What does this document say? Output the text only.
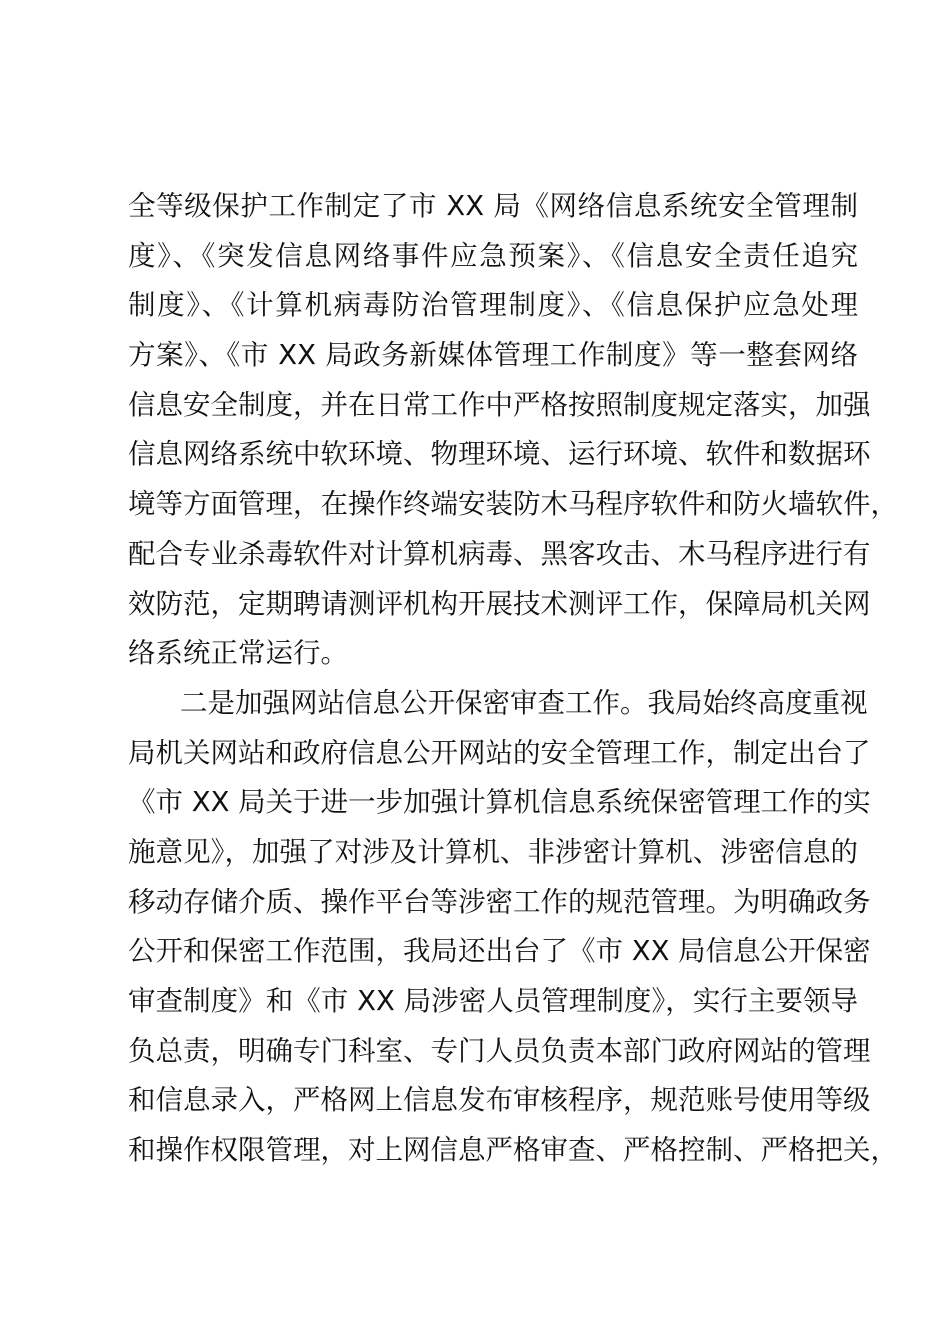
全等级保护工作制定了市 XX 局《网络信息系统安全管理制
度》、《突发信息网络事件应急预案》、《信息安全责任追究
制度》、《计算机病毒防治管理制度》、《信息保护应急处理
方案》、《市 XX 局政务新媒体管理工作制度》等一整套网络
信息安全制度，并在日常工作中严格按照制度规定落实，加强
信息网络系统中软环境、物理环境、运行环境、软件和数据环
境等方面管理，在操作终端安装防木马程序软件和防火墙软件，
配合专业杀毒软件对计算机病毒、黑客攻击、木马程序进行有
效防范，定期聘请测评机构开展技术测评工作，保障局机关网
络系统正常运行。
二是加强网站信息公开保密审查工作。我局始终高度重视
局机关网站和政府信息公开网站的安全管理工作，制定出台了
《市 XX 局关于进一步加强计算机信息系统保密管理工作的实
施意见》，加强了对涉及计算机、非涉密计算机、涉密信息的
移动存储介质、操作平台等涉密工作的规范管理。为明确政务
公开和保密工作范围，我局还出台了《市 XX 局信息公开保密
审查制度》和《市 XX 局涉密人员管理制度》，实行主要领导
负总责，明确专门科室、专门人员负责本部门政府网站的管理
和信息录入，严格网上信息发布审核程序，规范账号使用等级
和操作权限管理，对上网信息严格审查、严格控制、严格把关，
